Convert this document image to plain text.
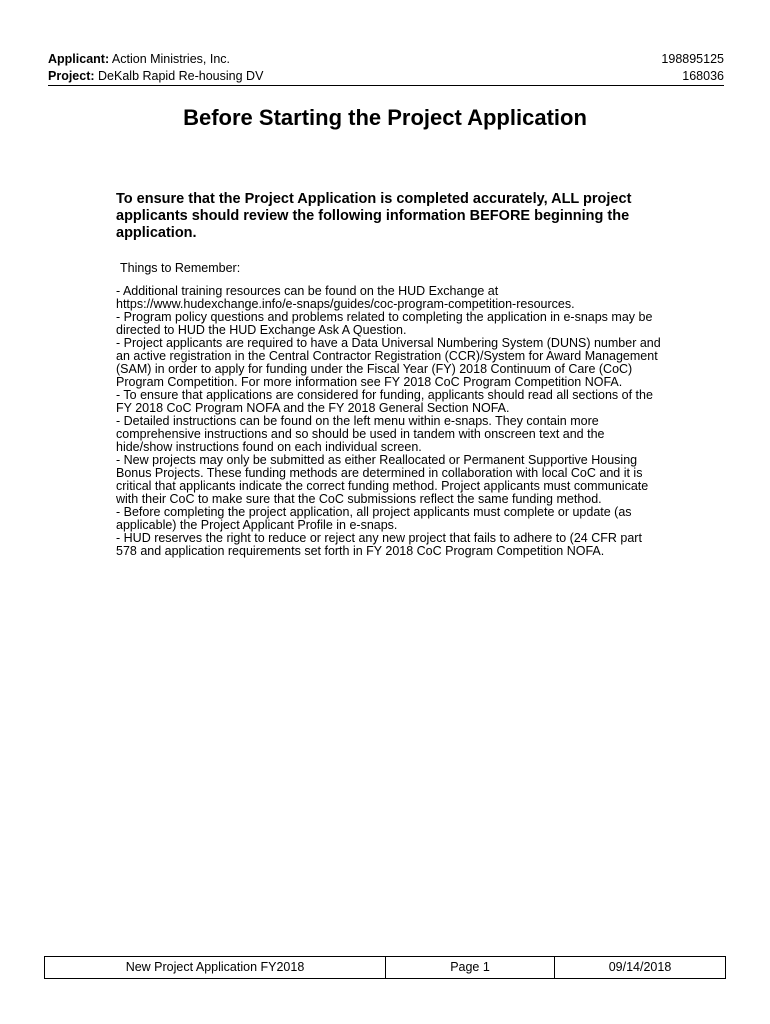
Applicant: Action Ministries, Inc.	198895125
Project: DeKalb Rapid Re-housing DV	168036
Before Starting the Project Application
To ensure that the Project Application is completed accurately, ALL project applicants should review the following information BEFORE beginning the application.
Things to Remember:

- Additional training resources can be found on the HUD Exchange at https://www.hudexchange.info/e-snaps/guides/coc-program-competition-resources.

- Program policy questions and problems related to completing the application in e-snaps may be directed to HUD the HUD Exchange Ask A Question.

- Project applicants are required to have a Data Universal Numbering System (DUNS) number and an active registration in the Central Contractor Registration (CCR)/System for Award Management (SAM) in order to apply for funding under the Fiscal Year (FY) 2018 Continuum of Care (CoC) Program Competition. For more information see FY 2018 CoC Program Competition NOFA.

- To ensure that applications are considered for funding, applicants should read all sections of the FY 2018 CoC Program NOFA and the FY 2018 General Section NOFA.

- Detailed instructions can be found on the left menu within e-snaps. They contain more comprehensive instructions and so should be used in tandem with onscreen text and the hide/show instructions found on each individual screen.

- New projects may only be submitted as either Reallocated or Permanent Supportive Housing Bonus Projects. These funding methods are determined in collaboration with local CoC and it is critical that applicants indicate the correct funding method. Project applicants must communicate with their CoC to make sure that the CoC submissions reflect the same funding method.

- Before completing the project application, all project applicants must complete or update (as applicable) the Project Applicant Profile in e-snaps.

- HUD reserves the right to reduce or reject any new project that fails to adhere to (24 CFR part 578 and application requirements set forth in FY 2018 CoC Program Competition NOFA.

New Project Application FY2018	Page 1	09/14/2018
